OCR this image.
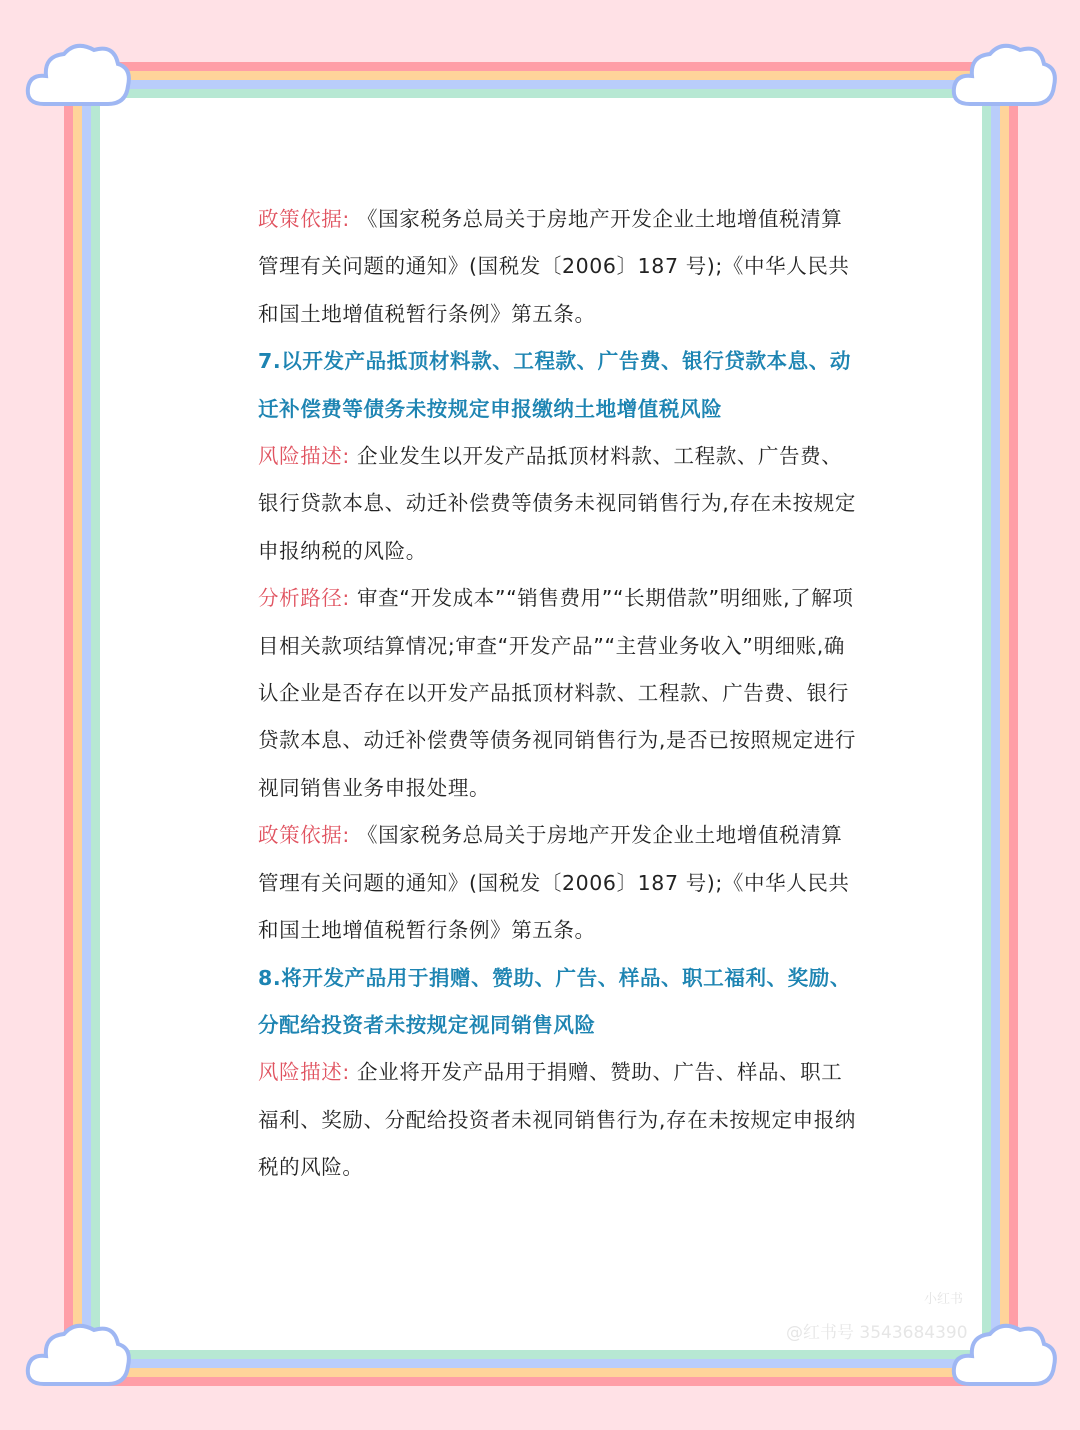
政策依据: 《国家税务总局关于房地产开发企业土地增值税清算管理有关问题的通知》(国税发〔2006〕187 号);《中华人民共和国土地增值税暂行条例》第五条。

7.以开发产品抵顶材料款、工程款、广告费、银行贷款本息、动迁补偿费等债务未按规定申报缴纳土地增值税风险

风险描述: 企业发生以开发产品抵顶材料款、工程款、广告费、银行贷款本息、动迁补偿费等债务未视同销售行为,存在未按规定申报纳税的风险。

分析路径: 审查“开发成本”“销售费用”“长期借款”明细账,了解项目相关款项结算情况;审查“开发产品”“主营业务收入”明细账,确认企业是否存在以开发产品抵顶材料款、工程款、广告费、银行贷款本息、动迁补偿费等债务视同销售行为,是否已按照规定进行视同销售业务申报处理。

政策依据: 《国家税务总局关于房地产开发企业土地增值税清算管理有关问题的通知》(国税发〔2006〕187 号);《中华人民共和国土地增值税暂行条例》第五条。

8.将开发产品用于捐赠、赞助、广告、样品、职工福利、奖励、分配给投资者未按规定视同销售风险

风险描述: 企业将开发产品用于捐赠、赞助、广告、样品、职工福利、奖励、分配给投资者未视同销售行为,存在未按规定申报纳税的风险。

小红书
@红书号 3543684390
